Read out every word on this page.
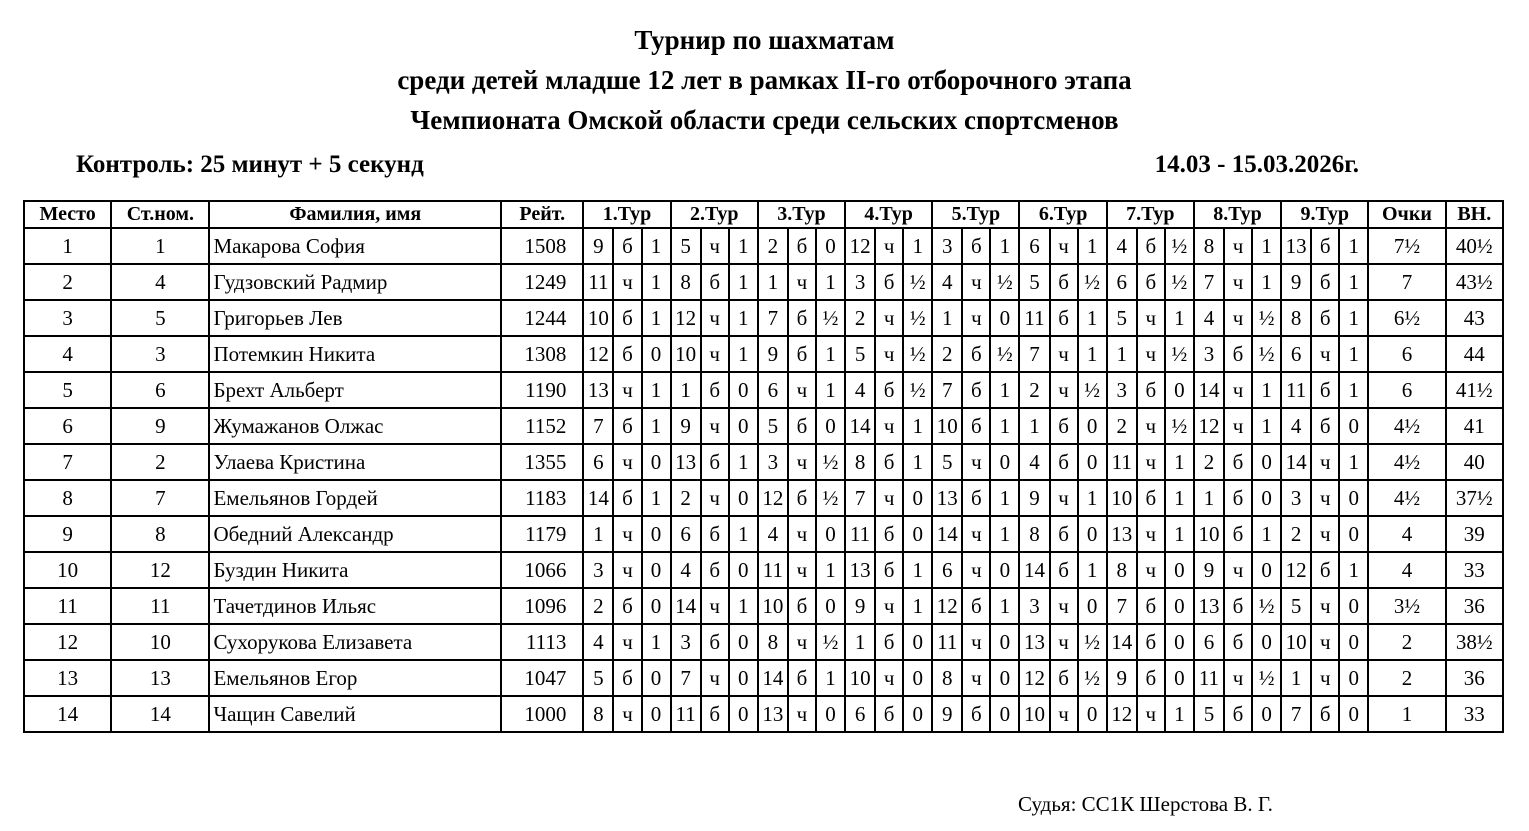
Турнир по шахматам
среди детей младше 12 лет в рамках II-го отборочного этапа
Чемпионата Омской области среди сельских спортсменов
Контроль: 25 минут + 5 секунд	14.03 - 15.03.2026г.
Место	Ст.ном.	Фамилия, имя	Рейт.	1.Тур			2.Тур			3.Тур			4.Тур			5.Тур			6.Тур			7.Тур			8.Тур			9.Тур			Очки	ВН.
1	1	Макарова София	1508	9	б	1	5	ч	1	2	б	0	12	ч	1	3	б	1	6	ч	1	4	б	½	8	ч	1	13	б	1	7½	40½
2	4	Гудзовский Радмир	1249	11	ч	1	8	б	1	1	ч	1	3	б	½	4	ч	½	5	б	½	6	б	½	7	ч	1	9	б	1	7	43½
3	5	Григорьев Лев	1244	10	б	1	12	ч	1	7	б	½	2	ч	½	1	ч	0	11	б	1	5	ч	1	4	ч	½	8	б	1	6½	43
4	3	Потемкин Никита	1308	12	б	0	10	ч	1	9	б	1	5	ч	½	2	б	½	7	ч	1	1	ч	½	3	б	½	6	ч	1	6	44
5	6	Брехт Альберт	1190	13	ч	1	1	б	0	6	ч	1	4	б	½	7	б	1	2	ч	½	3	б	0	14	ч	1	11	б	1	6	41½
6	9	Жумажанов Олжас	1152	7	б	1	9	ч	0	5	б	0	14	ч	1	10	б	1	1	б	0	2	ч	½	12	ч	1	4	б	0	4½	41
7	2	Улаева Кристина	1355	6	ч	0	13	б	1	3	ч	½	8	б	1	5	ч	0	4	б	0	11	ч	1	2	б	0	14	ч	1	4½	40
8	7	Емельянов Гордей	1183	14	б	1	2	ч	0	12	б	½	7	ч	0	13	б	1	9	ч	1	10	б	1	1	б	0	3	ч	0	4½	37½
9	8	Обедний Александр	1179	1	ч	0	6	б	1	4	ч	0	11	б	0	14	ч	1	8	б	0	13	ч	1	10	б	1	2	ч	0	4	39
10	12	Буздин Никита	1066	3	ч	0	4	б	0	11	ч	1	13	б	1	6	ч	0	14	б	1	8	ч	0	9	ч	0	12	б	1	4	33
11	11	Тачетдинов Ильяс	1096	2	б	0	14	ч	1	10	б	0	9	ч	1	12	б	1	3	ч	0	7	б	0	13	б	½	5	ч	0	3½	36
12	10	Сухорукова Елизавета	1113	4	ч	1	3	б	0	8	ч	½	1	б	0	11	ч	0	13	ч	½	14	б	0	6	б	0	10	ч	0	2	38½
13	13	Емельянов Егор	1047	5	б	0	7	ч	0	14	б	1	10	ч	0	8	ч	0	12	б	½	9	б	0	11	ч	½	1	ч	0	2	36
14	14	Чащин Савелий	1000	8	ч	0	11	б	0	13	ч	0	6	б	0	9	б	0	10	ч	0	12	ч	1	5	б	0	7	б	0	1	33
Судья: СС1К Шерстова В. Г.
